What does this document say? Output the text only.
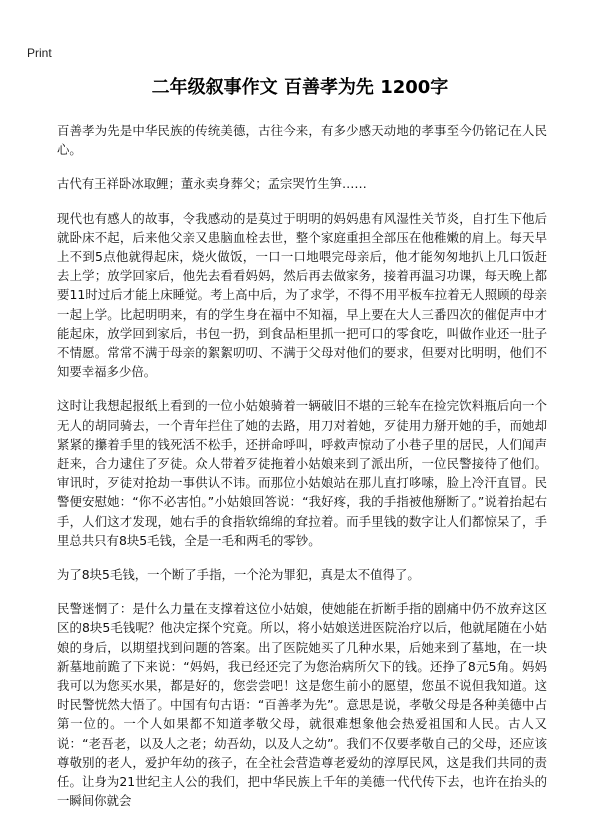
Print
二年级叙事作文 百善孝为先 1200字

百善孝为先是中华民族的传统美德，古往今来，有多少感天动地的孝事至今仍铭记在人民心。

古代有王祥卧冰取鲤；董永卖身葬父；孟宗哭竹生笋……

现代也有感人的故事，令我感动的是莫过于明明的妈妈患有风湿性关节炎，自打生下他后就卧床不起，后来他父亲又患脑血栓去世，整个家庭重担全部压在他稚嫩的肩上。每天早上不到5点他就得起床，烧火做饭，一口一口地喂完母亲后，他才能匆匆地扒上几口饭赶去上学；放学回家后，他先去看看妈妈，然后再去做家务，接着再温习功课，每天晚上都要11时过后才能上床睡觉。考上高中后，为了求学，不得不用平板车拉着无人照顾的母亲一起上学。比起明明来，有的学生身在福中不知福，早上要在大人三番四次的催促声中才能起床，放学回到家后，书包一扔，到食品柜里抓一把可口的零食吃，叫做作业还一肚子不情愿。常常不满于母亲的絮絮叨叨、不满于父母对他们的要求，但要对比明明，他们不知要幸福多少倍。

这时让我想起报纸上看到的一位小姑娘骑着一辆破旧不堪的三轮车在捡完饮料瓶后向一个无人的胡同骑去，一个青年拦住了她的去路，用刀对着她，歹徒用力掰开她的手，而她却紧紧的攥着手里的钱死活不松手，还拼命呼叫，呼救声惊动了小巷子里的居民，人们闻声赶来，合力逮住了歹徒。众人带着歹徒拖着小姑娘来到了派出所，一位民警接待了他们。审讯时，歹徒对抢劫一事供认不讳。而那位小姑娘站在那儿直打哆嗦，脸上冷汗直冒。民警便安慰她：“你不必害怕。”小姑娘回答说：“我好疼，我的手指被他掰断了。”说着抬起右手，人们这才发现，她右手的食指软绵绵的耷拉着。而手里钱的数字让人们都惊呆了，手里总共只有8块5毛钱，全是一毛和两毛的零钞。

为了8块5毛钱，一个断了手指，一个沦为罪犯，真是太不值得了。

民警迷惘了：是什么力量在支撑着这位小姑娘，使她能在折断手指的剧痛中仍不放弃这区区的8块5毛钱呢？他决定探个究竟。所以，将小姑娘送进医院治疗以后，他就尾随在小姑娘的身后，以期望找到问题的答案。出了医院她买了几种水果，后她来到了墓地，在一块新墓地前跪了下来说：“妈妈，我已经还完了为您治病所欠下的钱。还挣了8元5角。妈妈我可以为您买水果，都是好的，您尝尝吧！这是您生前小的愿望，您虽不说但我知道。这时民警恍然大悟了。中国有句古语：“百善孝为先”。意思是说，孝敬父母是各种美德中占第一位的。一个人如果都不知道孝敬父母，就很难想象他会热爱祖国和人民。古人又说：“老吾老，以及人之老；幼吾幼，以及人之幼”。我们不仅要孝敬自己的父母，还应该尊敬别的老人，爱护年幼的孩子，在全社会营造尊老爱幼的淳厚民风，这是我们共同的责任。让身为21世纪主人公的我们，把中华民族上千年的美德一代代传下去，也许在抬头的一瞬间你就会
